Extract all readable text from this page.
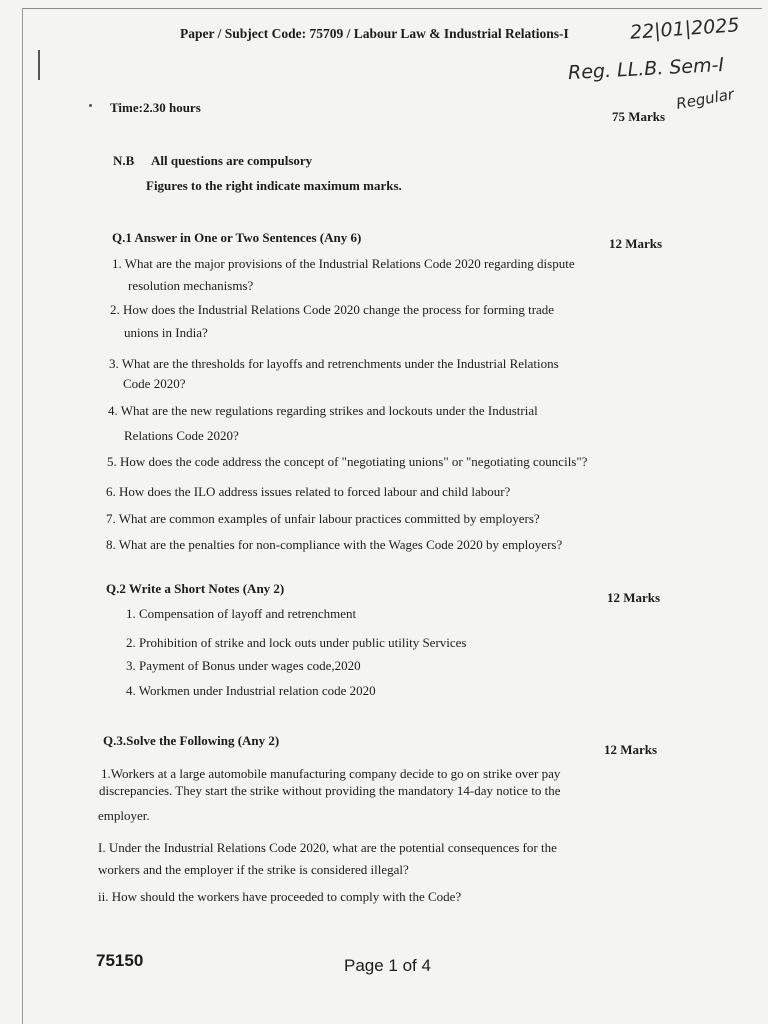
Paper / Subject Code: 75709 / Labour Law & Industrial Relations-I	22|01|2025
Reg. LL.B. Sem-I
Regular
Time:2.30 hours
75 Marks
N.B All questions are compulsory
Figures to the right indicate maximum marks.
Q.1 Answer in One or Two Sentences (Any 6)	12 Marks
1. What are the major provisions of the Industrial Relations Code 2020 regarding dispute
resolution mechanisms?
2. How does the Industrial Relations Code 2020 change the process for forming trade
unions in India?
3. What are the thresholds for layoffs and retrenchments under the Industrial Relations
Code 2020?
4. What are the new regulations regarding strikes and lockouts under the Industrial
Relations Code 2020?
5. How does the code address the concept of "negotiating unions" or "negotiating councils"?
6. How does the ILO address issues related to forced labour and child labour?
7. What are common examples of unfair labour practices committed by employers?
8. What are the penalties for non-compliance with the Wages Code 2020 by employers?
Q.2 Write a Short Notes (Any 2)
12 Marks
1. Compensation of layoff and retrenchment
2. Prohibition of strike and lock outs under public utility Services
3. Payment of Bonus under wages code,2020
4. Workmen under Industrial relation code 2020
Q.3.Solve the Following (Any 2)
12 Marks
1.Workers at a large automobile manufacturing company decide to go on strike over pay
discrepancies. They start the strike without providing the mandatory 14-day notice to the
employer.
I. Under the Industrial Relations Code 2020, what are the potential consequences for the
workers and the employer if the strike is considered illegal?
ii. How should the workers have proceeded to comply with the Code?
75150	Page 1 of 4
